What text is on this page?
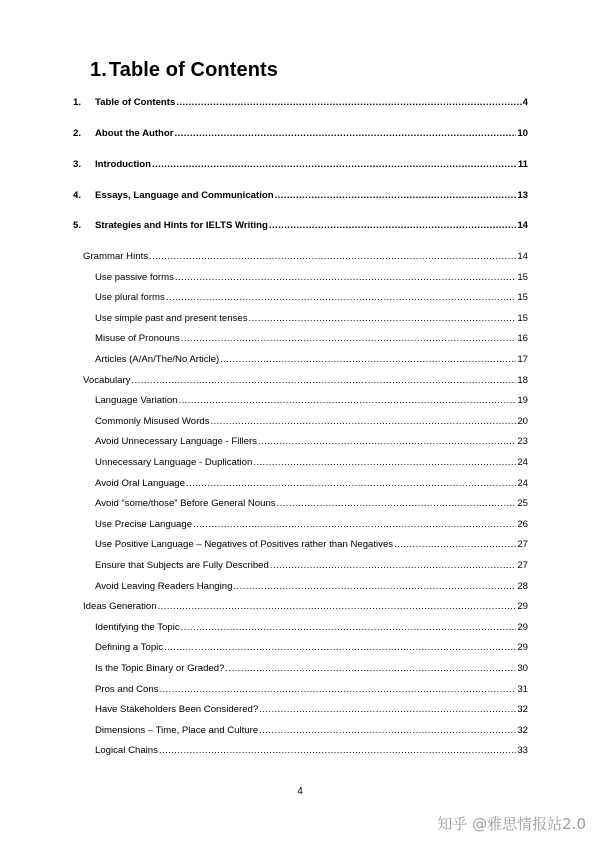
1. Table of Contents
1.	Table of Contents .....	4
2.	About the Author .....	10
3.	Introduction .....	11
4.	Essays, Language and Communication .....	13
5.	Strategies and Hints for IELTS Writing .....	14
Grammar Hints .....	14
Use passive forms .....	15
Use plural forms .....	15
Use simple past and present tenses .....	15
Misuse of Pronouns .....	16
Articles (A/An/The/No Article) .....	17
Vocabulary .....	18
Language Variation .....	19
Commonly Misused Words .....	20
Avoid Unnecessary Language - Fillers .....	23
Unnecessary Language - Duplication .....	24
Avoid Oral Language .....	24
Avoid “some/those” Before General Nouns .....	25
Use Precise Language .....	26
Use Positive Language – Negatives of Positives rather than Negatives .....	27
Ensure that Subjects are Fully Described .....	27
Avoid Leaving Readers Hanging .....	28
Ideas Generation .....	29
Identifying the Topic .....	29
Defining a Topic .....	29
Is the Topic Binary or Graded? .....	30
Pros and Cons .....	31
Have Stakeholders Been Considered? .....	32
Dimensions – Time, Place and Culture .....	32
Logical Chains .....	33
4
知乎 @雅思情报站2.0
